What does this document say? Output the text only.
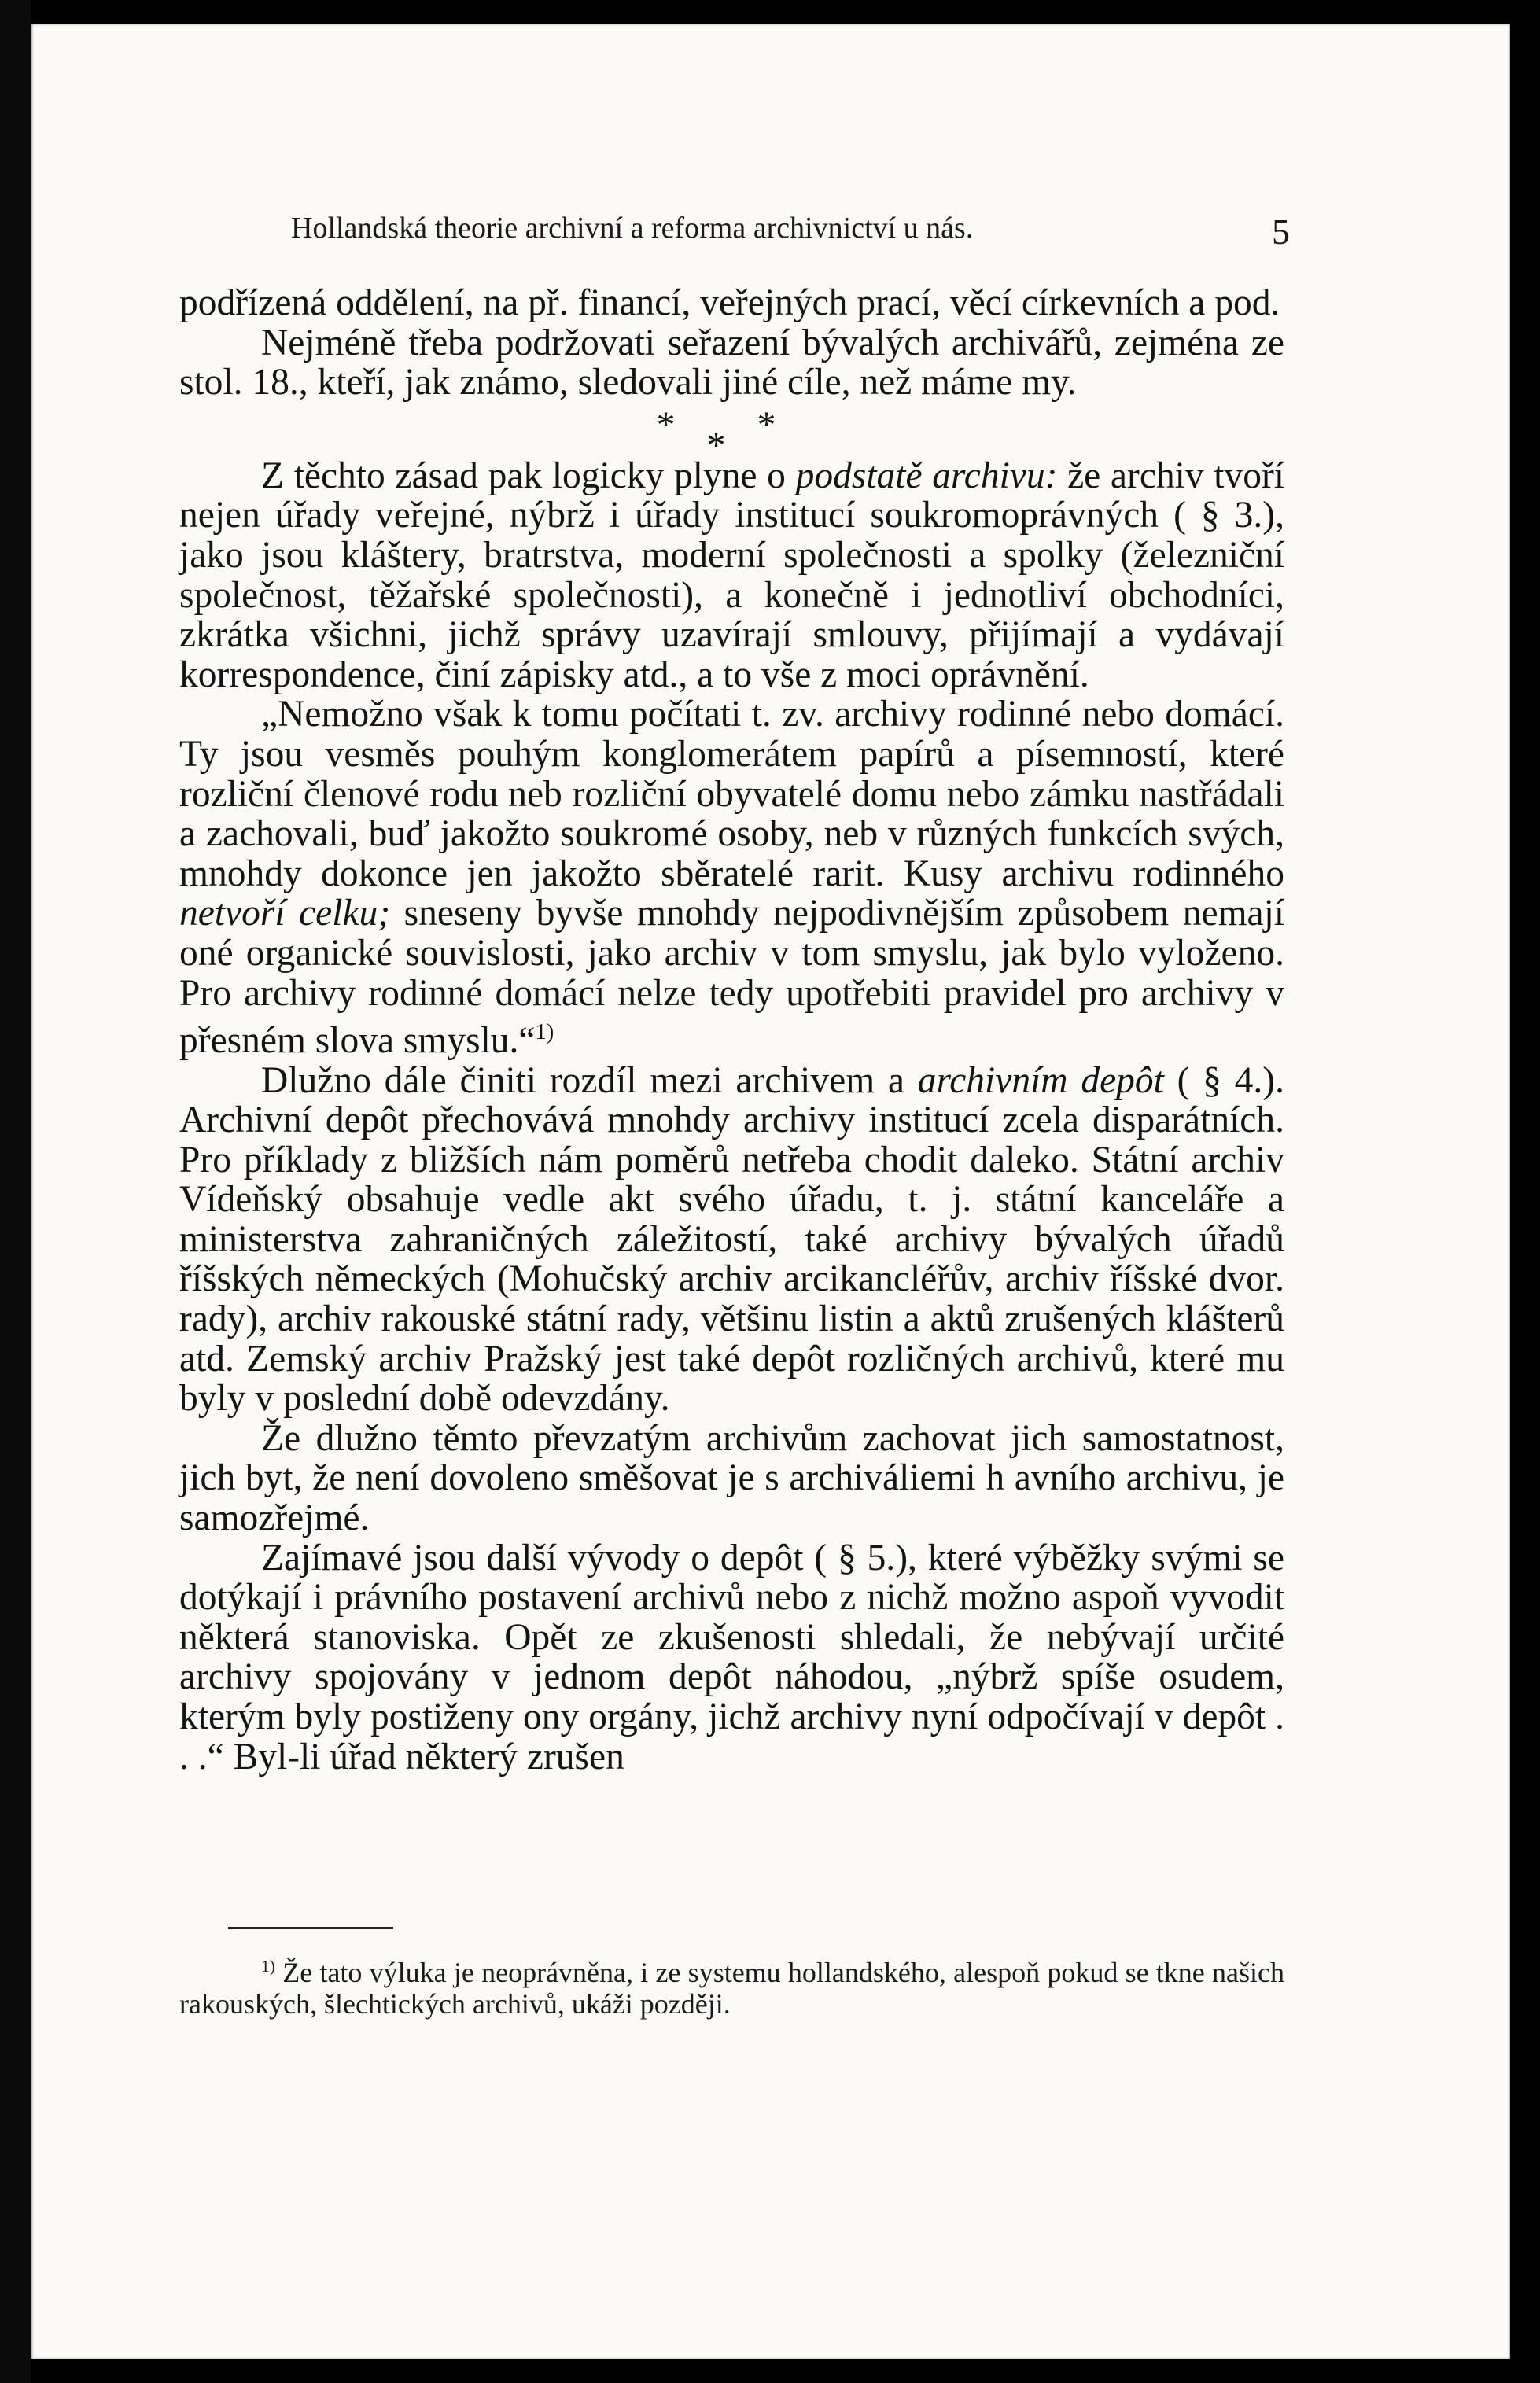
Hollandská theorie archivní a reforma archivnictví u nás.	5

podřízená oddělení, na př. financí, veřejných prací, věcí církevních a pod.

Nejméně třeba podržovati seřazení bývalých archivářů, zejména ze stol. 18., kteří, jak známo, sledovali jiné cíle, než máme my.

***

Z těchto zásad pak logicky plyne o podstatě archivu: že archiv tvoří nejen úřady veřejné, nýbrž i úřady institucí soukromoprávných ( § 3.), jako jsou kláštery, bratrstva, moderní společnosti a spolky (železniční společnost, těžařské společnosti), a konečně i jednotliví obchodníci, zkrátka všichni, jichž správy uzavírají smlouvy, přijímají a vydávají korrespondence, činí zápisky atd., a to vše z moci oprávnění.

„Nemožno však k tomu počítati t. zv. archivy rodinné nebo domácí. Ty jsou vesměs pouhým konglomerátem papírů a písemností, které rozliční členové rodu neb rozliční obyvatelé domu nebo zámku nastřádali a zachovali, buď jakožto soukromé osoby, neb v různých funkcích svých, mnohdy dokonce jen jakožto sběratelé rarit. Kusy archivu rodinného netvoří celku; sneseny byvše mnohdy nejpodivnějším způsobem nemají oné organické souvislosti, jako archiv v tom smyslu, jak bylo vyloženo. Pro archivy rodinné domácí nelze tedy upotřebiti pravidel pro archivy v přesném slova smyslu.“$^{1)}$

Dlužno dále činiti rozdíl mezi archivem a archivním depôt ( § 4.). Archivní depôt přechovává mnohdy archivy institucí zcela disparátních. Pro příklady z bližších nám poměrů netřeba chodit daleko. Státní archiv Vídeňský obsahuje vedle akt svého úřadu, t. j. státní kanceláře a ministerstva zahraničných záležitostí, také archivy bývalých úřadů říšských německých (Mohučský archiv arcikancléřův, archiv říšské dvor. rady), archiv rakouské státní rady, většinu listin a aktů zrušených klášterů atd. Zemský archiv Pražský jest také depôt rozličných archivů, které mu byly v poslední době odevzdány.

Že dlužno těmto převzatým archivům zachovat jich samostatnost, jich byt, že není dovoleno směšovat je s archiváliemi h avního archivu, je samozřejmé.

Zajímavé jsou další výv‍ody o depôt ( § 5.), které výběžky svými se dotýkají i právního postavení archivů nebo z nichž možno aspoň vyvodit některá stanoviska. Opět ze zkušenosti shledali, že nebývají určité archivy spojovány v jednom depôt náhodou, „nýbrž spíše osudem, kterým byly postiženy ony orgány, jichž archivy nyní odpočívají v depôt . . .“ Byl-li úřad některý zrušen

$^{1)}$ Že tato výluka je neoprávněna, i ze systemu hollandského, alespoň pokud se tkne našich rakouských, šlechtických archivů, ukáži později.
